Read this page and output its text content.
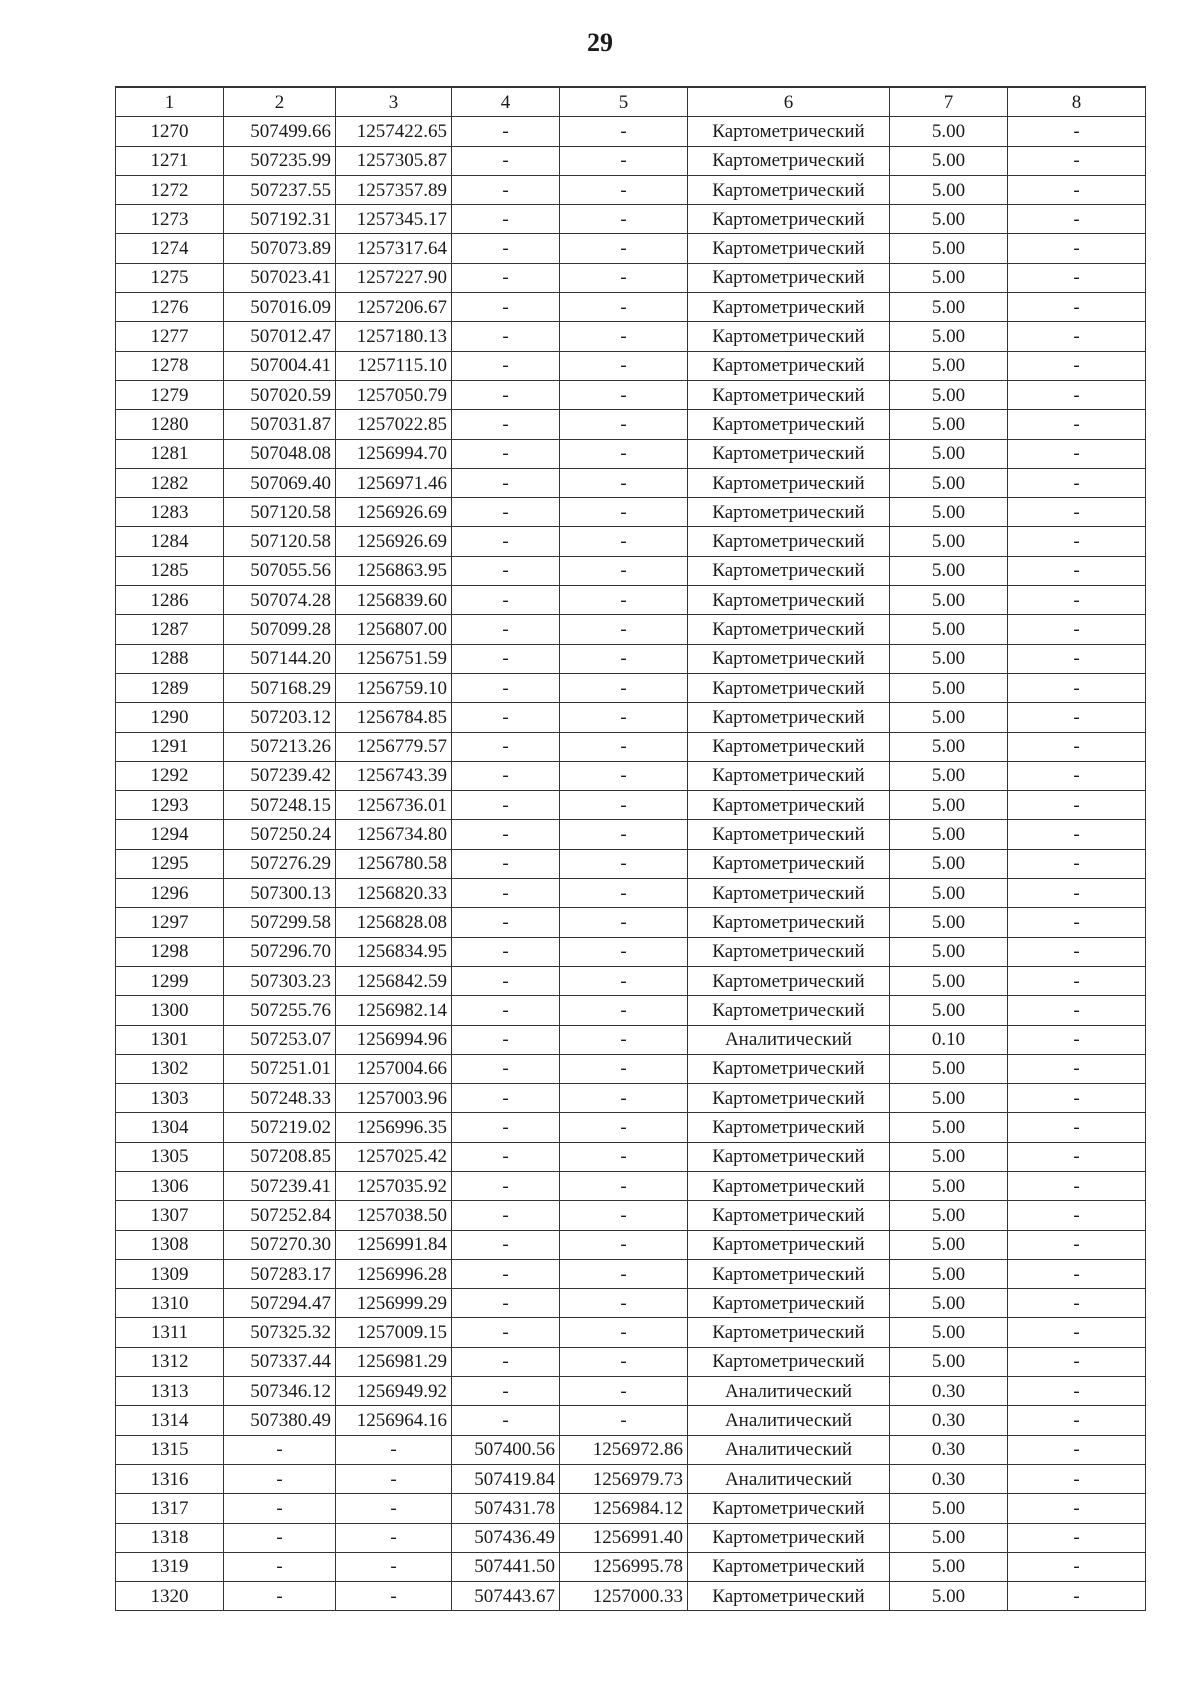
29
1	2	3	4	5	6	7	8
1270	507499.66	1257422.65	-	-	Картометрический	5.00	-
1271	507235.99	1257305.87	-	-	Картометрический	5.00	-
1272	507237.55	1257357.89	-	-	Картометрический	5.00	-
1273	507192.31	1257345.17	-	-	Картометрический	5.00	-
1274	507073.89	1257317.64	-	-	Картометрический	5.00	-
1275	507023.41	1257227.90	-	-	Картометрический	5.00	-
1276	507016.09	1257206.67	-	-	Картометрический	5.00	-
1277	507012.47	1257180.13	-	-	Картометрический	5.00	-
1278	507004.41	1257115.10	-	-	Картометрический	5.00	-
1279	507020.59	1257050.79	-	-	Картометрический	5.00	-
1280	507031.87	1257022.85	-	-	Картометрический	5.00	-
1281	507048.08	1256994.70	-	-	Картометрический	5.00	-
1282	507069.40	1256971.46	-	-	Картометрический	5.00	-
1283	507120.58	1256926.69	-	-	Картометрический	5.00	-
1284	507120.58	1256926.69	-	-	Картометрический	5.00	-
1285	507055.56	1256863.95	-	-	Картометрический	5.00	-
1286	507074.28	1256839.60	-	-	Картометрический	5.00	-
1287	507099.28	1256807.00	-	-	Картометрический	5.00	-
1288	507144.20	1256751.59	-	-	Картометрический	5.00	-
1289	507168.29	1256759.10	-	-	Картометрический	5.00	-
1290	507203.12	1256784.85	-	-	Картометрический	5.00	-
1291	507213.26	1256779.57	-	-	Картометрический	5.00	-
1292	507239.42	1256743.39	-	-	Картометрический	5.00	-
1293	507248.15	1256736.01	-	-	Картометрический	5.00	-
1294	507250.24	1256734.80	-	-	Картометрический	5.00	-
1295	507276.29	1256780.58	-	-	Картометрический	5.00	-
1296	507300.13	1256820.33	-	-	Картометрический	5.00	-
1297	507299.58	1256828.08	-	-	Картометрический	5.00	-
1298	507296.70	1256834.95	-	-	Картометрический	5.00	-
1299	507303.23	1256842.59	-	-	Картометрический	5.00	-
1300	507255.76	1256982.14	-	-	Картометрический	5.00	-
1301	507253.07	1256994.96	-	-	Аналитический	0.10	-
1302	507251.01	1257004.66	-	-	Картометрический	5.00	-
1303	507248.33	1257003.96	-	-	Картометрический	5.00	-
1304	507219.02	1256996.35	-	-	Картометрический	5.00	-
1305	507208.85	1257025.42	-	-	Картометрический	5.00	-
1306	507239.41	1257035.92	-	-	Картометрический	5.00	-
1307	507252.84	1257038.50	-	-	Картометрический	5.00	-
1308	507270.30	1256991.84	-	-	Картометрический	5.00	-
1309	507283.17	1256996.28	-	-	Картометрический	5.00	-
1310	507294.47	1256999.29	-	-	Картометрический	5.00	-
1311	507325.32	1257009.15	-	-	Картометрический	5.00	-
1312	507337.44	1256981.29	-	-	Картометрический	5.00	-
1313	507346.12	1256949.92	-	-	Аналитический	0.30	-
1314	507380.49	1256964.16	-	-	Аналитический	0.30	-
1315	-	-	507400.56	1256972.86	Аналитический	0.30	-
1316	-	-	507419.84	1256979.73	Аналитический	0.30	-
1317	-	-	507431.78	1256984.12	Картометрический	5.00	-
1318	-	-	507436.49	1256991.40	Картометрический	5.00	-
1319	-	-	507441.50	1256995.78	Картометрический	5.00	-
1320	-	-	507443.67	1257000.33	Картометрический	5.00	-
